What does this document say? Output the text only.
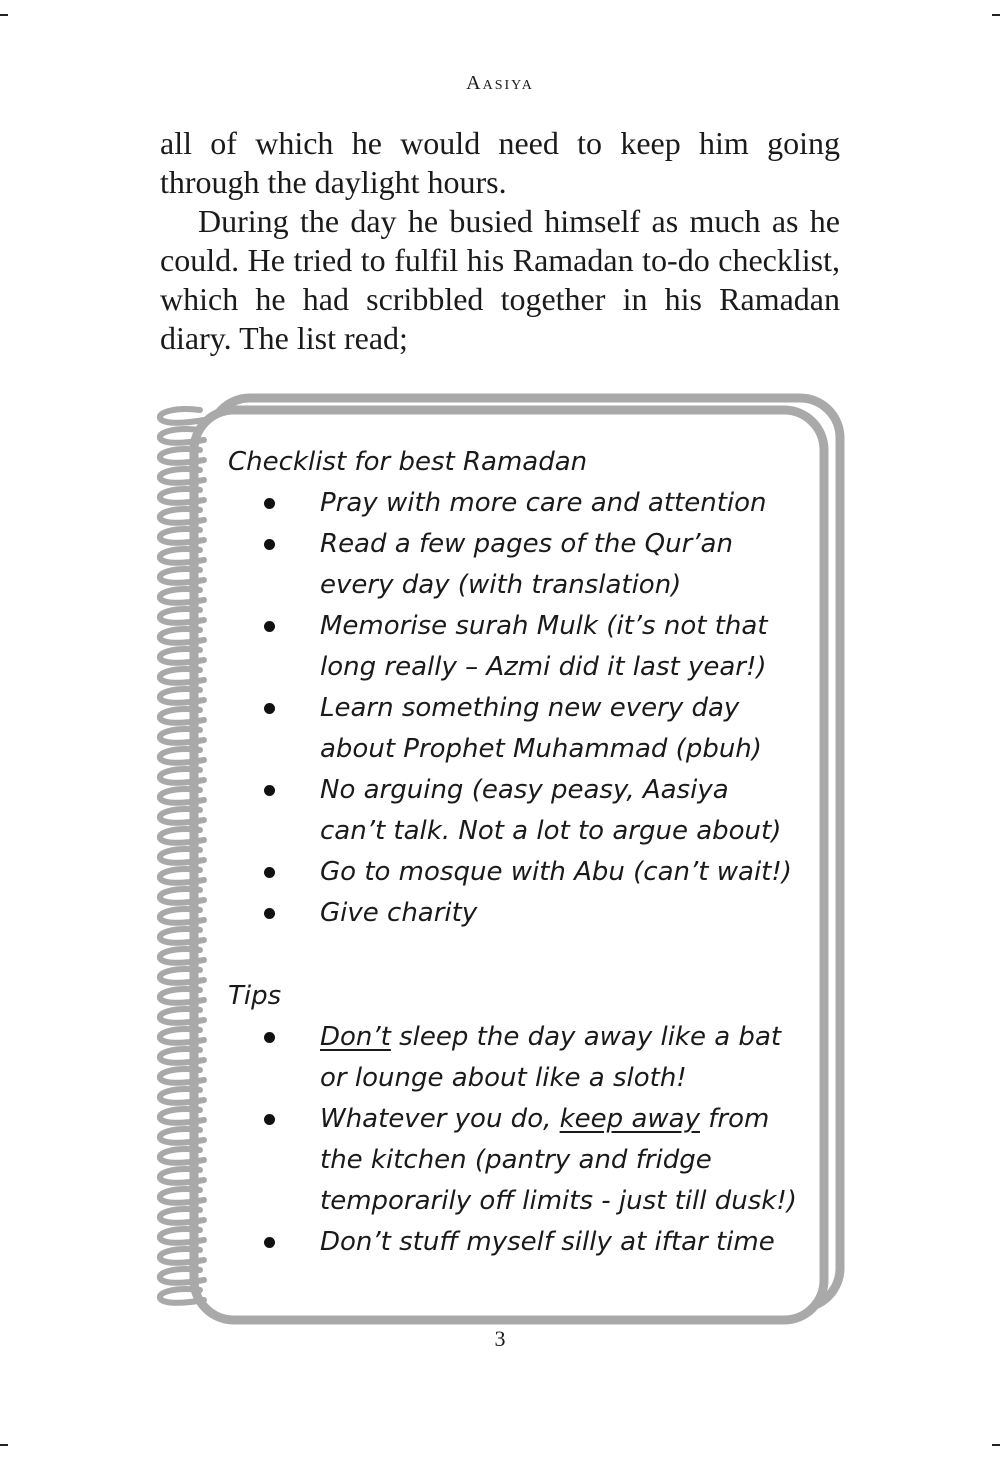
Aasiya

all of which he would need to keep him going through the daylight hours.

During the day he busied himself as much as he could. He tried to fulfil his Ramadan to-do checklist, which he had scribbled together in his Ramadan diary. The list read;

Checklist for best Ramadan
Pray with more care and attention
Read a few pages of the Qur’an every day (with translation)
Memorise surah Mulk (it’s not that long really – Azmi did it last year!)
Learn something new every day about Prophet Muhammad (pbuh)
No arguing (easy peasy, Aasiya can’t talk. Not a lot to argue about)
Go to mosque with Abu (can’t wait!)
Give charity
Tips
Don’t sleep the day away like a bat or lounge about like a sloth!
Whatever you do, keep away from the kitchen (pantry and fridge temporarily off limits - just till dusk!)
Don’t stuff myself silly at iftar time
3
